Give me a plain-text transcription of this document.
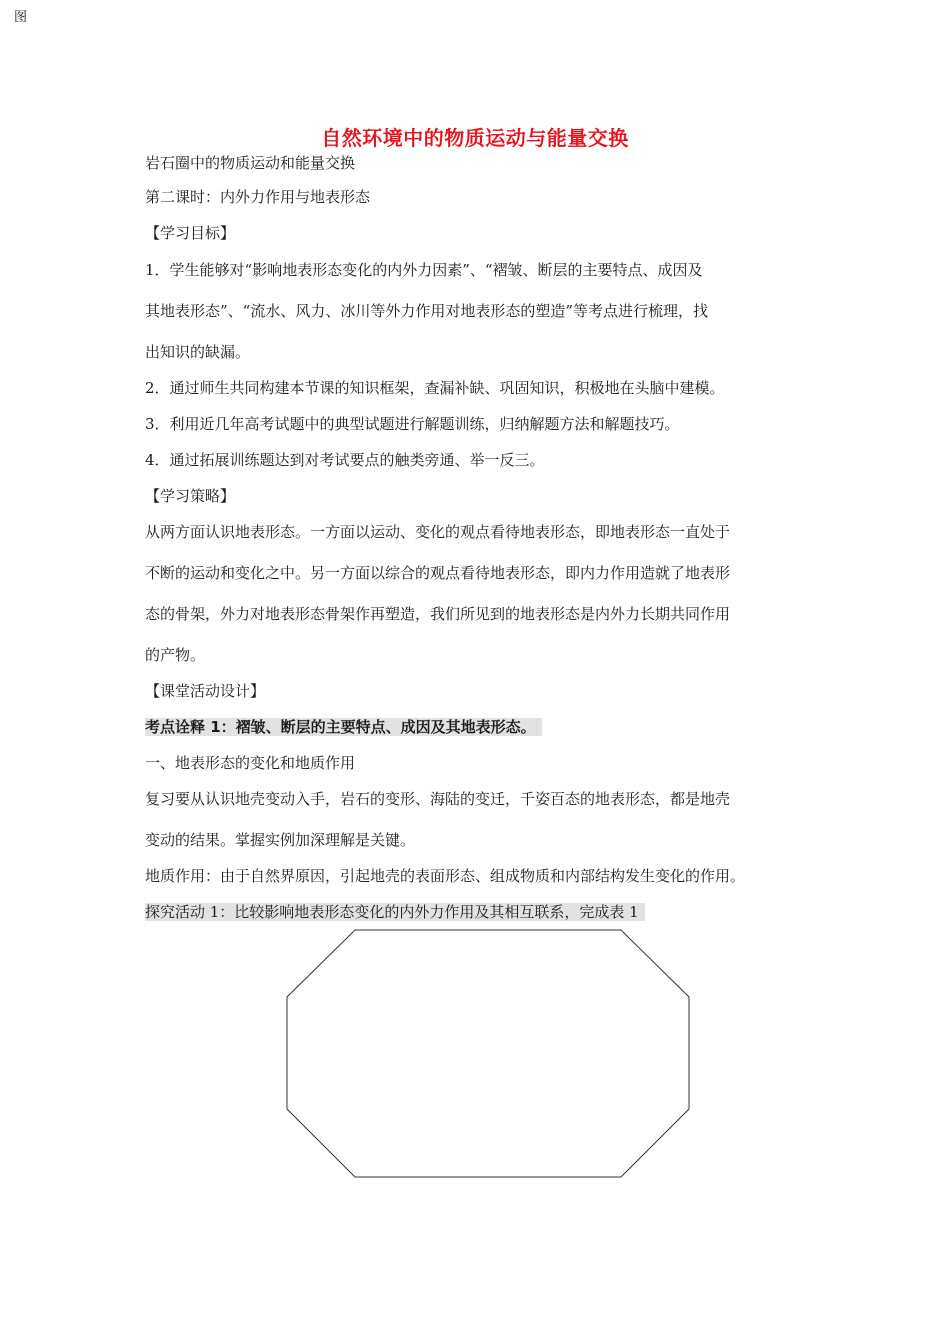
图
自然环境中的物质运动与能量交换
岩石圈中的物质运动和能量交换
第二课时：内外力作用与地表形态
【学习目标】
1．学生能够对“影响地表形态变化的内外力因素”、“褶皱、断层的主要特点、成因及
其地表形态”、“流水、风力、冰川等外力作用对地表形态的塑造”等考点进行梳理，找
出知识的缺漏。
2．通过师生共同构建本节课的知识框架，查漏补缺、巩固知识，积极地在头脑中建模。
3．利用近几年高考试题中的典型试题进行解题训练，归纳解题方法和解题技巧。
4．通过拓展训练题达到对考试要点的触类旁通、举一反三。
【学习策略】
从两方面认识地表形态。一方面以运动、变化的观点看待地表形态，即地表形态一直处于
不断的运动和变化之中。另一方面以综合的观点看待地表形态，即内力作用造就了地表形
态的骨架，外力对地表形态骨架作再塑造，我们所见到的地表形态是内外力长期共同作用
的产物。
【课堂活动设计】
考点诠释 1：褶皱、断层的主要特点、成因及其地表形态。
一、地表形态的变化和地质作用
复习要从认识地壳变动入手，岩石的变形、海陆的变迁，千姿百态的地表形态，都是地壳
变动的结果。掌握实例加深理解是关键。
地质作用：由于自然界原因，引起地壳的表面形态、组成物质和内部结构发生变化的作用。
探究活动 1：比较影响地表形态变化的内外力作用及其相互联系，完成表 1
